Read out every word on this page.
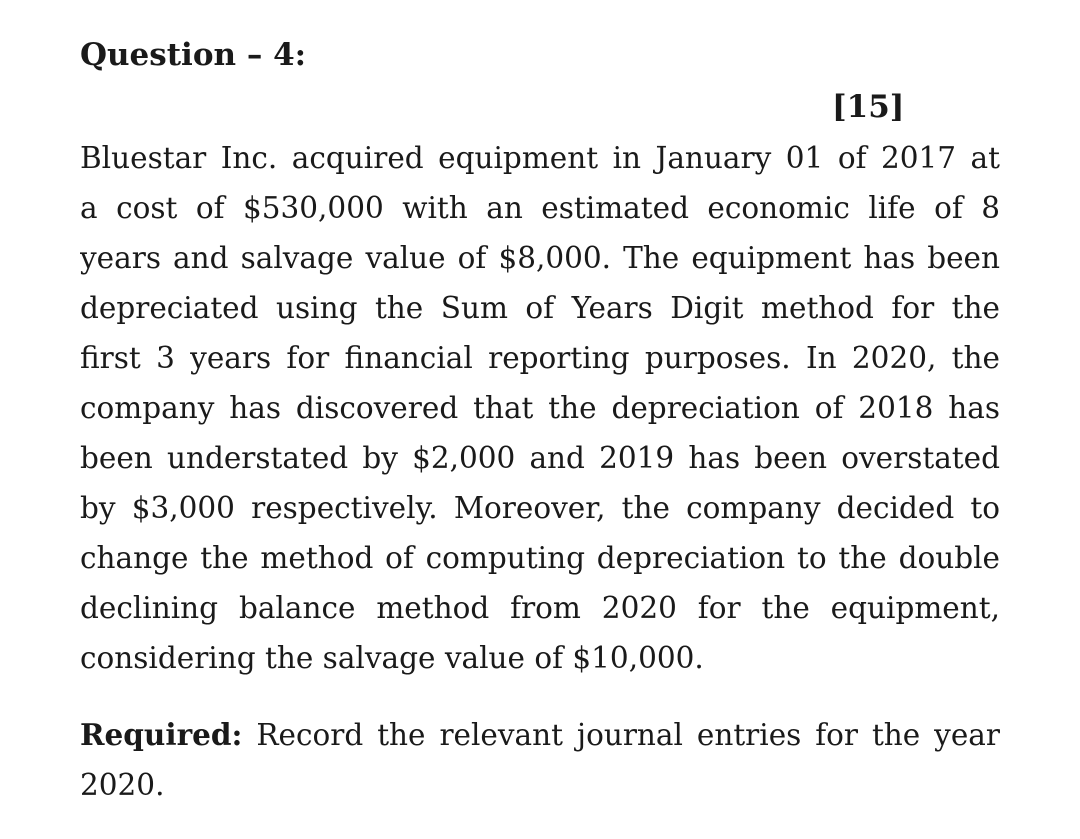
Question – 4:
[15]
Bluestar Inc. acquired equipment in January 01 of 2017 at
a cost of $530,000 with an estimated economic life of 8
years and salvage value of $8,000. The equipment has been
depreciated using the Sum of Years Digit method for the
first 3 years for financial reporting purposes. In 2020, the
company has discovered that the depreciation of 2018 has
been understated by $2,000 and 2019 has been overstated
by $3,000 respectively. Moreover, the company decided to
change the method of computing depreciation to the double
declining balance method from 2020 for the equipment,
considering the salvage value of $10,000.
Required: Record the relevant journal entries for the year
2020.
